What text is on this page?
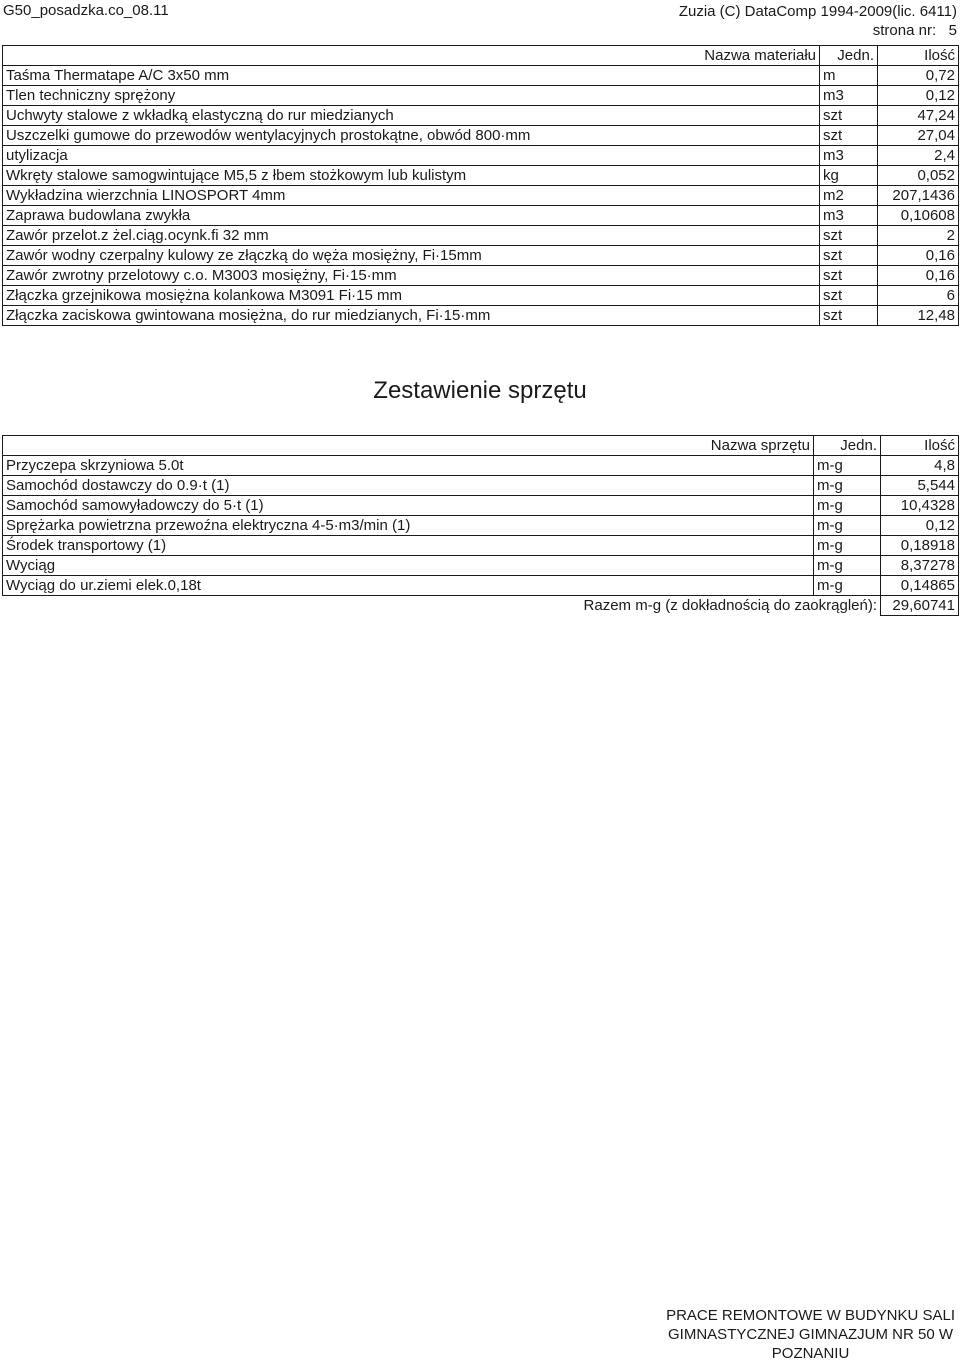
G50_posadzka.co_08.11	Zuzia (C) DataComp 1994-2009(lic. 6411)
strona nr: 5
Nazwa materiału	Jedn.	Ilość
Taśma Thermatape A/C 3x50 mm	m	0,72
Tlen techniczny sprężony	m3	0,12
Uchwyty stalowe z wkładką elastyczną do rur miedzianych	szt	47,24
Uszczelki gumowe do przewodów wentylacyjnych prostokątne, obwód 800·mm	szt	27,04
utylizacja	m3	2,4
Wkręty stalowe samogwintujące M5,5 z łbem stożkowym lub kulistym	kg	0,052
Wykładzina wierzchnia LINOSPORT 4mm	m2	207,1436
Zaprawa budowlana zwykła	m3	0,10608
Zawór przelot.z żel.ciąg.ocynk.fi 32 mm	szt	2
Zawór wodny czerpalny kulowy ze złączką do węża mosiężny, Fi·15mm	szt	0,16
Zawór zwrotny przelotowy c.o. M3003 mosiężny, Fi·15·mm	szt	0,16
Złączka grzejnikowa mosiężna kolankowa M3091 Fi·15 mm	szt	6
Złączka zaciskowa gwintowana mosiężna, do rur miedzianych, Fi·15·mm	szt	12,48
Zestawienie sprzętu
Nazwa sprzętu	Jedn.	Ilość
Przyczepa skrzyniowa 5.0t	m-g	4,8
Samochód dostawczy do 0.9·t (1)	m-g	5,544
Samochód samowyładowczy do 5·t (1)	m-g	10,4328
Sprężarka powietrzna przewoźna elektryczna 4-5·m3/min (1)	m-g	0,12
Środek transportowy (1)	m-g	0,18918
Wyciąg	m-g	8,37278
Wyciąg do ur.ziemi elek.0,18t	m-g	0,14865
Razem m-g (z dokładnością do zaokrągleń):		29,60741
PRACE REMONTOWE W BUDYNKU SALI
GIMNASTYCZNEJ GIMNAZJUM NR 50 W
POZNANIU
